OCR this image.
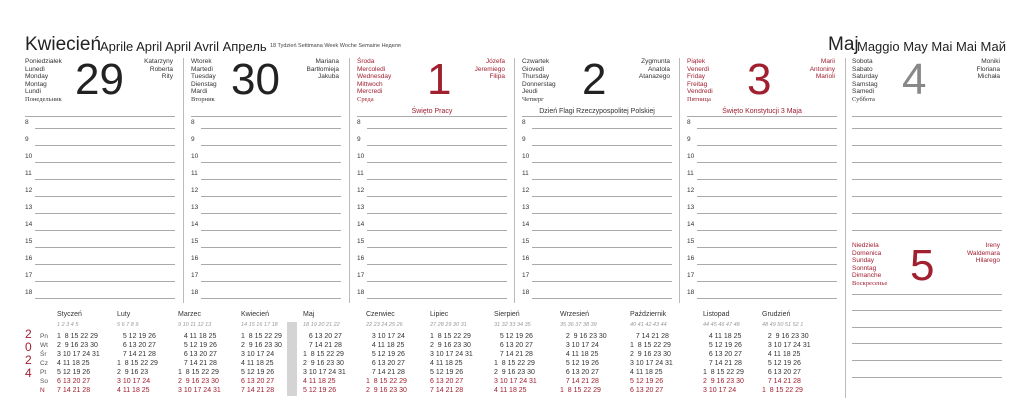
Kwiecień
Aprile April April Avril Апрель 18 Tydzień Settimana Week Woche Semaine Неделя	Maj
Maggio May Mai Mai Май
Poniedziałek
Lunedì
Monday
Montag
Lundi
Понедельник 29	Katarzyny
Roberta
Rity
8
9
10
11
12
13
14
15
16
17
18
Wtorek
Martedì
Tuesday
Dienstag
Mardi
Вторник 30	Mariana
Bartłomieja
Jakuba
8
9
10
11
12
13
14
15
16
17
18
Środa
Mercoledì
Wednesday
Mittwoch
Mercredi
Среда	1	Józefa
Jeremiego
Filipa
Święto Pracy
8
9
10
11
12
13
14
15
16
17
18
Czwartek
Giovedì
Thursday
Donnerstag
Jeudi
Четверг 2	Zygmunta
Anatola
Atanazego
Dzień Flagi Rzeczypospolitej Polskiej
8
9
10
11
12
13
14
15
16
17
18
Piątek
Venerdì
Friday
Freitag
Vendredi
Пятница 3	Marii
Antoniny
Marioli
Święto Konstytucji 3 Maja
8
9
10
11
12
13
14
15
16
17
18
Sobota
Sabato
Saturday
Samstag
Samedi
Суббота 4	Moniki
Floriana
Michała
Niedziela
Domenica
Sunday
Sonntag
Dimanche
Воскресенье 5	Ireny
Waldemara
Hilarego
2
0
2
4
Pn
Wt
Śr
Cz
Pt
So
N
Styczeń
1 2 3 4 5
1  8 15 22 29
2  9 16 23 30
3 10 17 24 31
4 11 18 25
5 12 19 26
6 13 20 27
7 14 21 28
Luty
5 6 7 8 9
5 12 19 26
6 13 20 27
7 14 21 28
1  8 15 22 29
2  9 16 23
3 10 17 24
4 11 18 25
Marzec
9 10 11 12 13
4 11 18 25
5 12 19 26
6 13 20 27
7 14 21 28
1  8 15 22 29
2  9 16 23 30
3 10 17 24 31
Kwiecień
14 15 16 17 18
1  8 15 22 29
2  9 16 23 30
3 10 17 24
4 11 18 25
5 12 19 26
6 13 20 27
7 14 21 28
Maj
18 19 20 21 22
6 13 20 27
7 14 21 28
1  8 15 22 29
2  9 16 23 30
3 10 17 24 31
4 11 18 25
5 12 19 26
Czerwiec
22 23 24 25 26
3 10 17 24
4 11 18 25
5 12 19 26
6 13 20 27
7 14 21 28
1  8 15 22 29
2  9 16 23 30
Lipiec
27 28 29 30 31
1  8 15 22 29
2  9 16 23 30
3 10 17 24 31
4 11 18 25
5 12 19 26
6 13 20 27
7 14 21 28
Sierpień
31 32 33 34 35
5 12 19 26
6 13 20 27
7 14 21 28
1  8 15 22 29
2  9 16 23 30
3 10 17 24 31
4 11 18 25
Wrzesień
35 36 37 38 39
2  9 16 23 30
3 10 17 24
4 11 18 25
5 12 19 26
6 13 20 27
7 14 21 28
1  8 15 22 29
Październik
40 41 42 43 44
7 14 21 28
1  8 15 22 29
2  9 16 23 30
3 10 17 24 31
4 11 18 25
5 12 19 26
6 13 20 27
Listopad
44 45 46 47 48
4 11 18 25
5 12 19 26
6 13 20 27
7 14 21 28
1  8 15 22 29
2  9 16 23 30
3 10 17 24
Grudzień
48 49 50 51 52 1
2  9 16 23 30
3 10 17 24 31
4 11 18 25
5 12 19 26
6 13 20 27
7 14 21 28
1  8 15 22 29
